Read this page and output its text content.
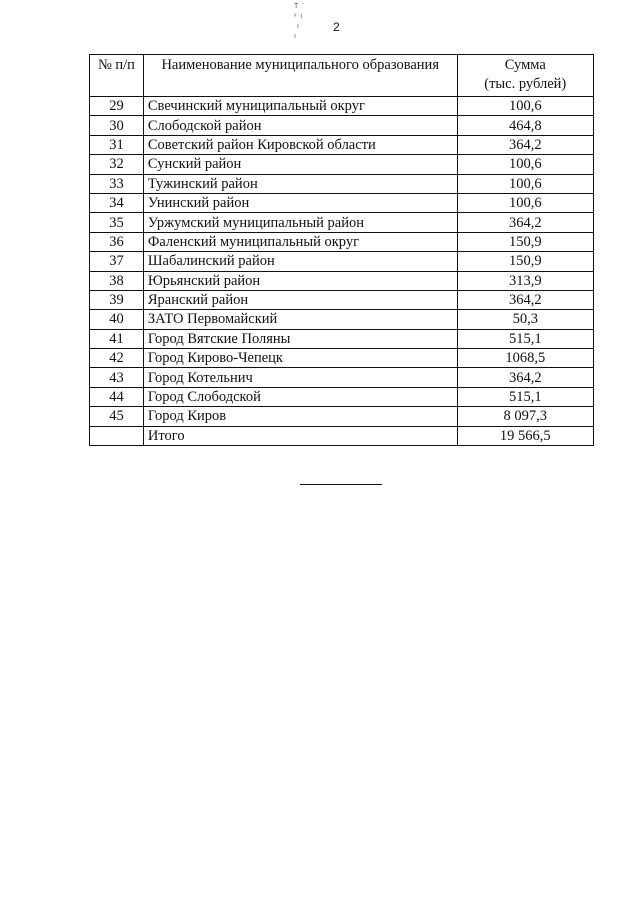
T ʻ
ᵛ ı
ı
ı
2
№ п/п	Наименование муниципального образования	Сумма
(тыс. рублей)

29	Свечинский муниципальный округ	100,6
30	Слободской район	464,8
31	Советский район Кировской области	364,2
32	Сунский район	100,6
33	Тужинский район	100,6
34	Унинский район	100,6
35	Уржумский муниципальный район	364,2
36	Фаленский муниципальный округ	150,9
37	Шабалинский район	150,9
38	Юрьянский район	313,9
39	Яранский район	364,2
40	ЗАТО Первомайский	50,3
41	Город Вятские Поляны	515,1
42	Город Кирово-Чепецк	1068,5
43	Город Котельнич	364,2
44	Город Слободской	515,1
45	Город Киров	8 097,3
	Итого	19 566,5
